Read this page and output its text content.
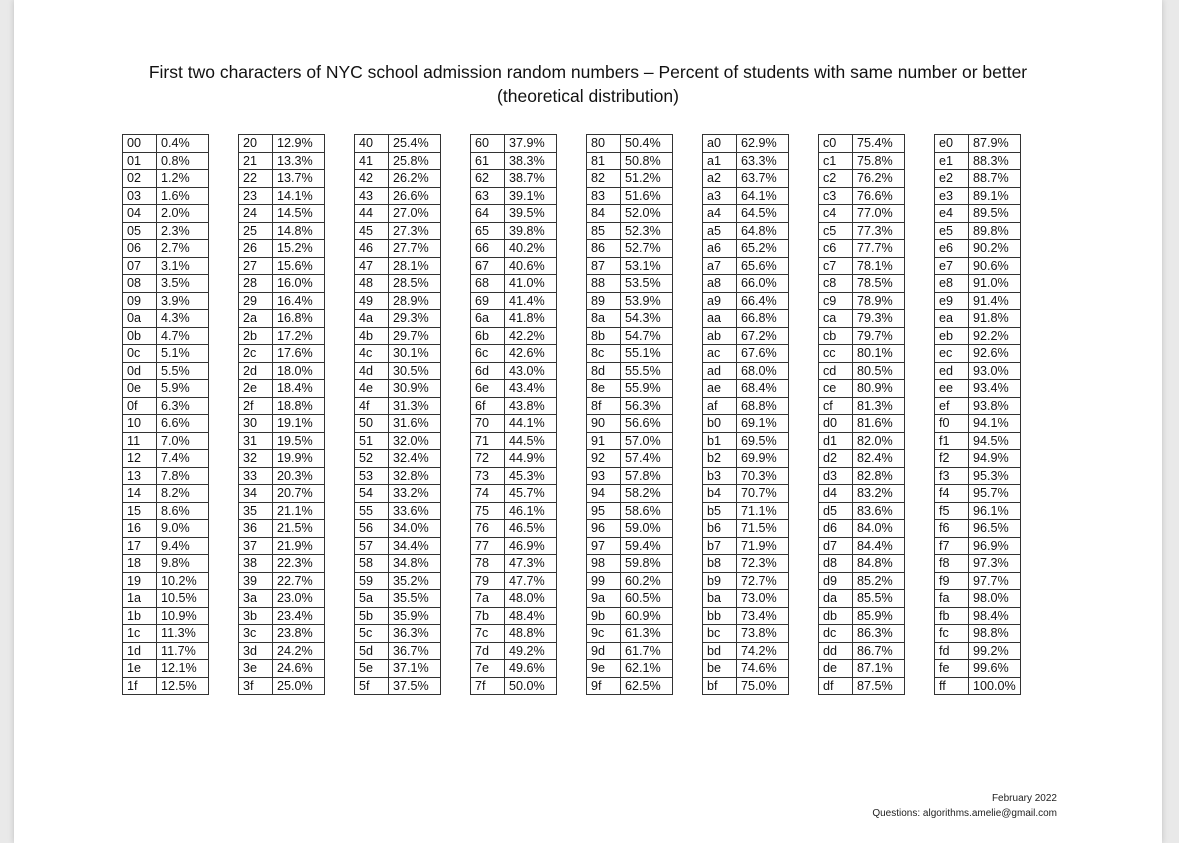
First two characters of NYC school admission random numbers – Percent of students with same number or better
(theoretical distribution)
00	0.4%
01	0.8%
02	1.2%
03	1.6%
04	2.0%
05	2.3%
06	2.7%
07	3.1%
08	3.5%
09	3.9%
0a	4.3%
0b	4.7%
0c	5.1%
0d	5.5%
0e	5.9%
0f	6.3%
10	6.6%
11	7.0%
12	7.4%
13	7.8%
14	8.2%
15	8.6%
16	9.0%
17	9.4%
18	9.8%
19	10.2%
1a	10.5%
1b	10.9%
1c	11.3%
1d	11.7%
1e	12.1%
1f	12.5%
20	12.9%
21	13.3%
22	13.7%
23	14.1%
24	14.5%
25	14.8%
26	15.2%
27	15.6%
28	16.0%
29	16.4%
2a	16.8%
2b	17.2%
2c	17.6%
2d	18.0%
2e	18.4%
2f	18.8%
30	19.1%
31	19.5%
32	19.9%
33	20.3%
34	20.7%
35	21.1%
36	21.5%
37	21.9%
38	22.3%
39	22.7%
3a	23.0%
3b	23.4%
3c	23.8%
3d	24.2%
3e	24.6%
3f	25.0%
40	25.4%
41	25.8%
42	26.2%
43	26.6%
44	27.0%
45	27.3%
46	27.7%
47	28.1%
48	28.5%
49	28.9%
4a	29.3%
4b	29.7%
4c	30.1%
4d	30.5%
4e	30.9%
4f	31.3%
50	31.6%
51	32.0%
52	32.4%
53	32.8%
54	33.2%
55	33.6%
56	34.0%
57	34.4%
58	34.8%
59	35.2%
5a	35.5%
5b	35.9%
5c	36.3%
5d	36.7%
5e	37.1%
5f	37.5%
60	37.9%
61	38.3%
62	38.7%
63	39.1%
64	39.5%
65	39.8%
66	40.2%
67	40.6%
68	41.0%
69	41.4%
6a	41.8%
6b	42.2%
6c	42.6%
6d	43.0%
6e	43.4%
6f	43.8%
70	44.1%
71	44.5%
72	44.9%
73	45.3%
74	45.7%
75	46.1%
76	46.5%
77	46.9%
78	47.3%
79	47.7%
7a	48.0%
7b	48.4%
7c	48.8%
7d	49.2%
7e	49.6%
7f	50.0%
80	50.4%
81	50.8%
82	51.2%
83	51.6%
84	52.0%
85	52.3%
86	52.7%
87	53.1%
88	53.5%
89	53.9%
8a	54.3%
8b	54.7%
8c	55.1%
8d	55.5%
8e	55.9%
8f	56.3%
90	56.6%
91	57.0%
92	57.4%
93	57.8%
94	58.2%
95	58.6%
96	59.0%
97	59.4%
98	59.8%
99	60.2%
9a	60.5%
9b	60.9%
9c	61.3%
9d	61.7%
9e	62.1%
9f	62.5%
a0	62.9%
a1	63.3%
a2	63.7%
a3	64.1%
a4	64.5%
a5	64.8%
a6	65.2%
a7	65.6%
a8	66.0%
a9	66.4%
aa	66.8%
ab	67.2%
ac	67.6%
ad	68.0%
ae	68.4%
af	68.8%
b0	69.1%
b1	69.5%
b2	69.9%
b3	70.3%
b4	70.7%
b5	71.1%
b6	71.5%
b7	71.9%
b8	72.3%
b9	72.7%
ba	73.0%
bb	73.4%
bc	73.8%
bd	74.2%
be	74.6%
bf	75.0%
c0	75.4%
c1	75.8%
c2	76.2%
c3	76.6%
c4	77.0%
c5	77.3%
c6	77.7%
c7	78.1%
c8	78.5%
c9	78.9%
ca	79.3%
cb	79.7%
cc	80.1%
cd	80.5%
ce	80.9%
cf	81.3%
d0	81.6%
d1	82.0%
d2	82.4%
d3	82.8%
d4	83.2%
d5	83.6%
d6	84.0%
d7	84.4%
d8	84.8%
d9	85.2%
da	85.5%
db	85.9%
dc	86.3%
dd	86.7%
de	87.1%
df	87.5%
e0	87.9%
e1	88.3%
e2	88.7%
e3	89.1%
e4	89.5%
e5	89.8%
e6	90.2%
e7	90.6%
e8	91.0%
e9	91.4%
ea	91.8%
eb	92.2%
ec	92.6%
ed	93.0%
ee	93.4%
ef	93.8%
f0	94.1%
f1	94.5%
f2	94.9%
f3	95.3%
f4	95.7%
f5	96.1%
f6	96.5%
f7	96.9%
f8	97.3%
f9	97.7%
fa	98.0%
fb	98.4%
fc	98.8%
fd	99.2%
fe	99.6%
ff	100.0%
February 2022
Questions: algorithms.amelie@gmail.com
